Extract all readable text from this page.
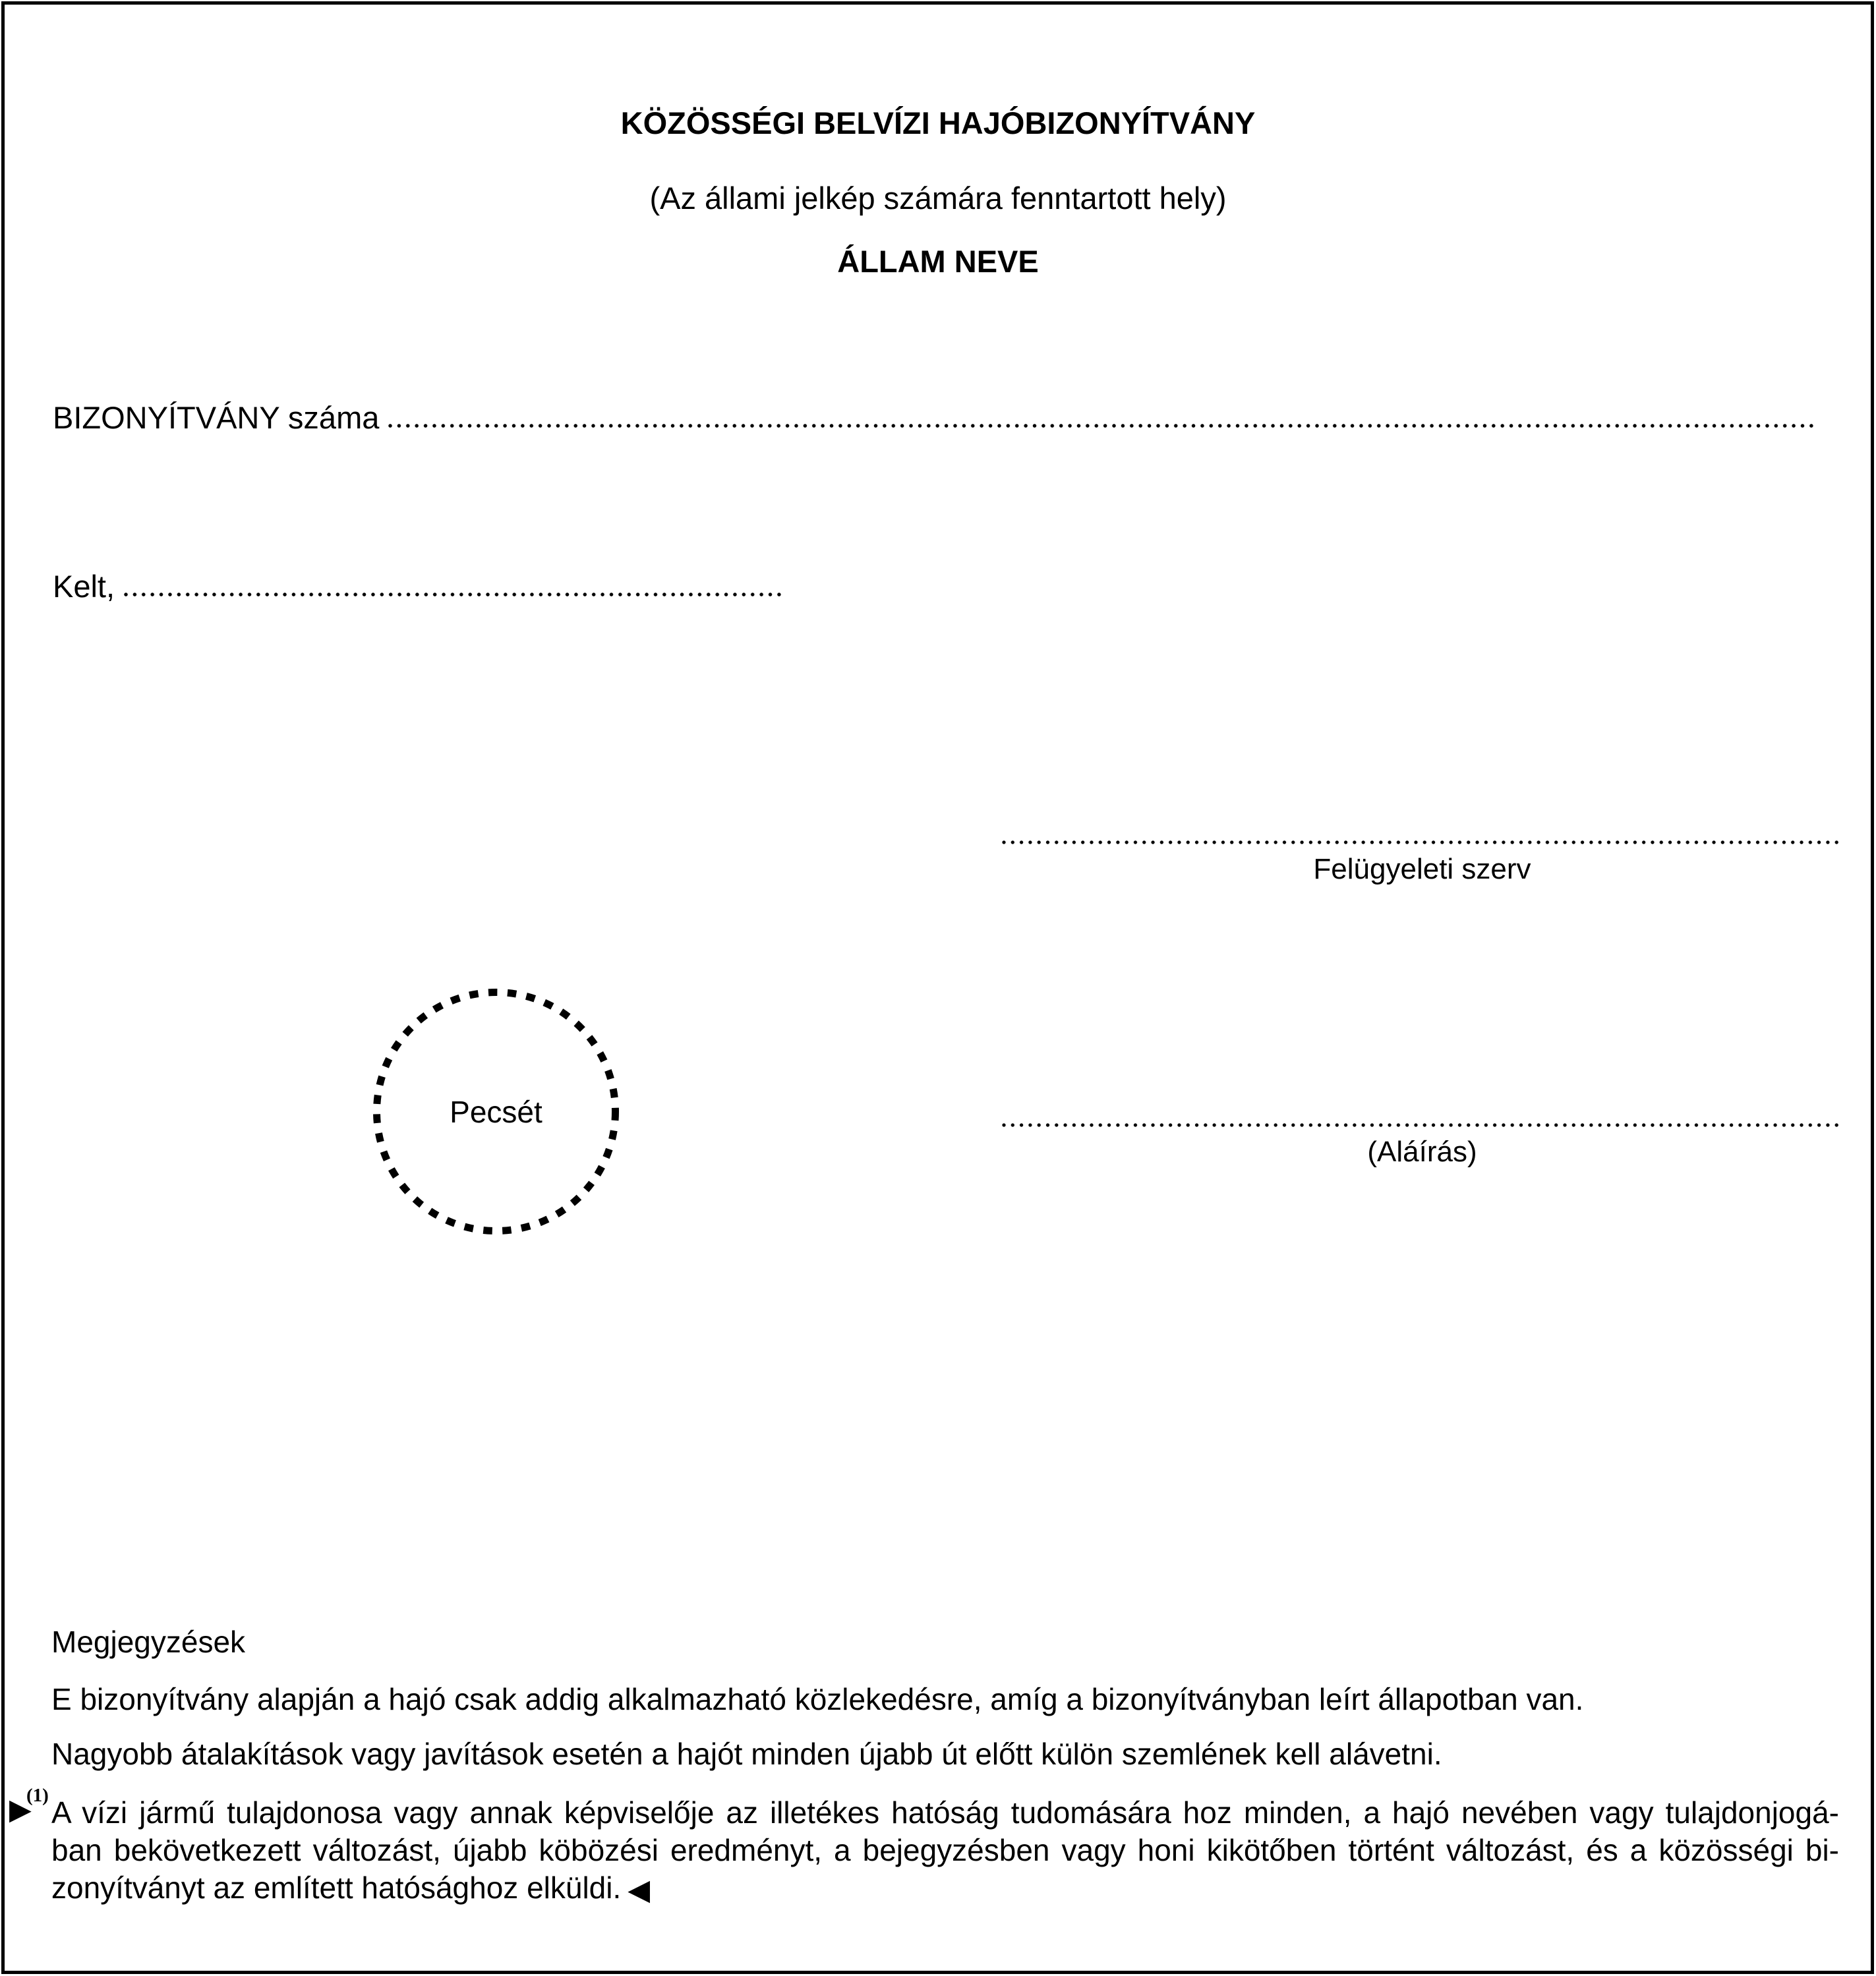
KÖZÖSSÉGI BELVÍZI HAJÓBIZONYÍTVÁNY
(Az állami jelkép számára fenntartott hely)
ÁLLAM NEVE
BIZONYÍTVÁNY száma
Kelt,
Felügyeleti szerv
Pecsét
(Aláírás)
Megjegyzések
E bizonyítvány alapján a hajó csak addig alkalmazható közlekedésre, amíg a bizonyítványban leírt állapotban van.
Nagyobb átalakítások vagy javítások esetén a hajót minden újabb út előtt külön szemlének kell alávetni.
▶
(1) A vízi jármű tulajdonosa vagy annak képviselője az illetékes hatóság tudomására hoz minden, a hajó nevében vagy tulajdonjogá-
ban bekövetkezett változást, újabb köbözési eredményt, a bejegyzésben vagy honi kikötőben történt változást, és a közösségi bi-
zonyítványt az említett hatósághoz elküldi. ◀
